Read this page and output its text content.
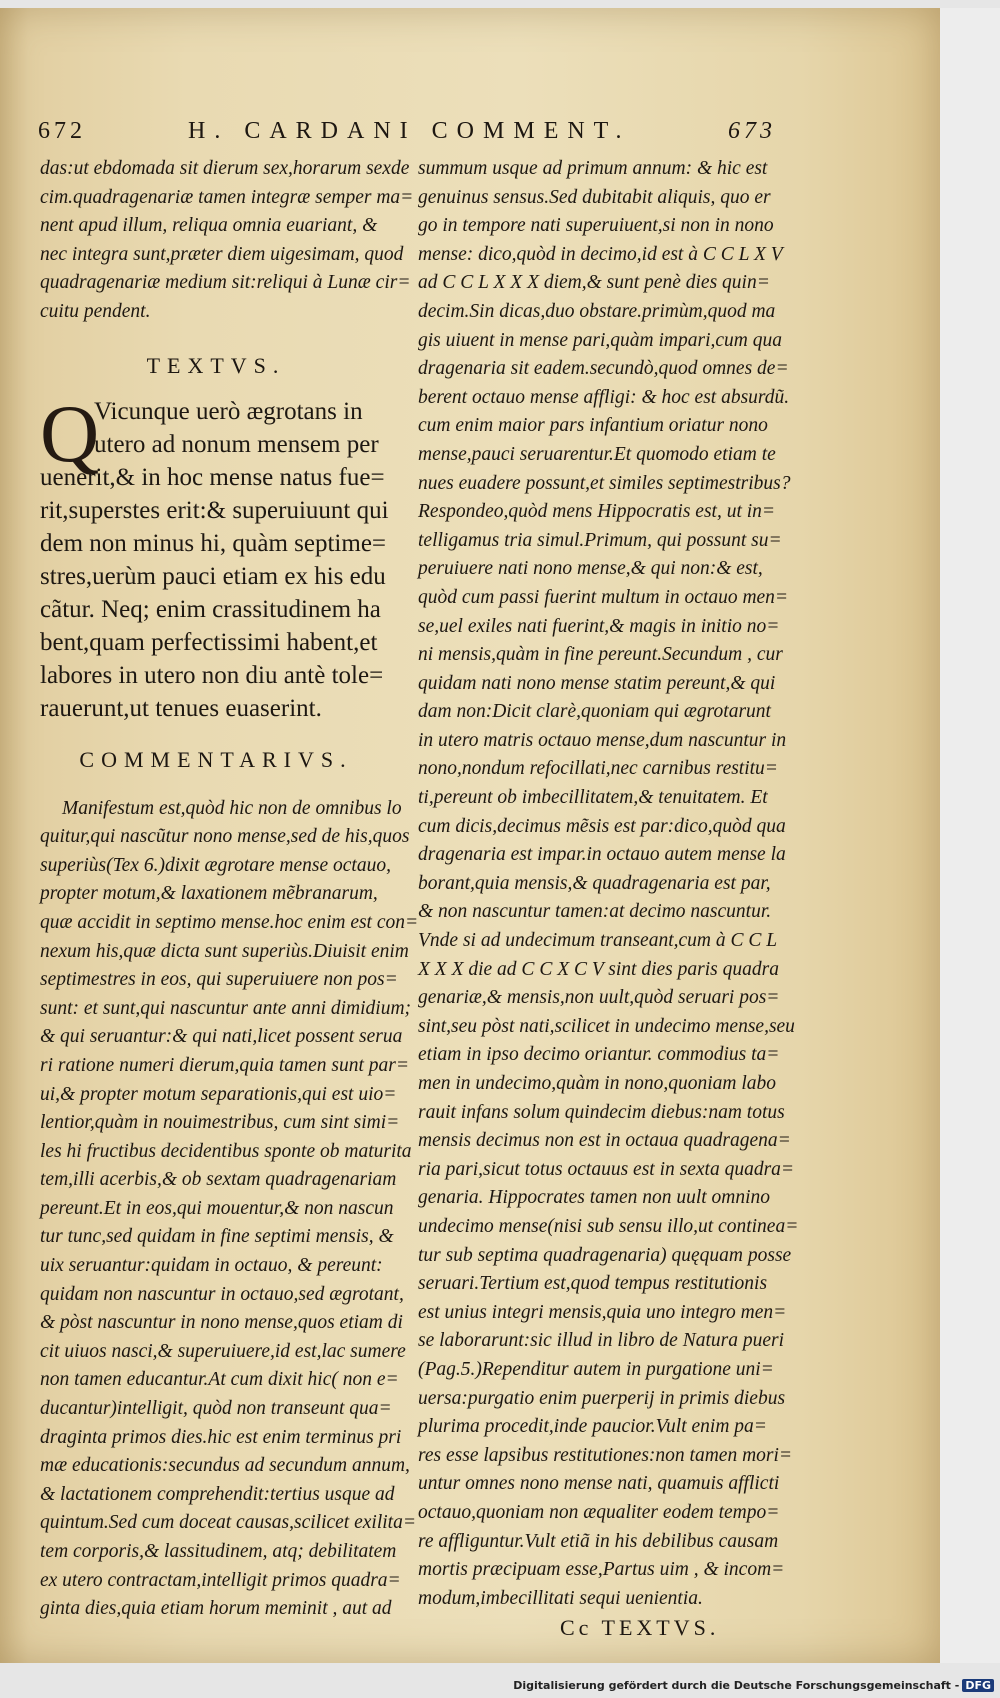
672	H. CARDANI COMMENT.	673
das:ut ebdomada sit dierum sex,horarum sexde
cim.quadragenariæ tamen integræ semper ma=
nent apud illum, reliqua omnia euariant, &
nec integra sunt,præter diem uigesimam, quod
quadragenariæ medium sit:reliqui à Lunæ cir=
cuitu pendent.
TEXTVS.
Q
Vicunque uerò ægrotans in
utero ad nonum mensem per
uenerit,& in hoc mense natus fue=
rit,superstes erit:& superuiuunt qui
dem non minus hi, quàm septime=
stres,uerùm pauci etiam ex his edu
cãtur. Neq; enim crassitudinem ha
bent,quam perfectissimi habent,et
labores in utero non diu antè tole=
rauerunt,ut tenues euaserint.
COMMENTARIVS.
Manifestum est,quòd hic non de omnibus lo
quitur,qui nascũtur nono mense,sed de his,quos
superiùs(Tex 6.)dixit ægrotare mense octauo,
propter motum,& laxationem mẽbranarum,
quæ accidit in septimo mense.hoc enim est con=
nexum his,quæ dicta sunt superiùs.Diuisit enim
septimestres in eos, qui superuiuere non pos=
sunt: et sunt,qui nascuntur ante anni dimidium;
& qui seruantur:& qui nati,licet possent serua
ri ratione numeri dierum,quia tamen sunt par=
ui,& propter motum separationis,qui est uio=
lentior,quàm in nouimestribus, cum sint simi=
les hi fructibus decidentibus sponte ob maturita
tem,illi acerbis,& ob sextam quadragenariam
pereunt.Et in eos,qui mouentur,& non nascun
tur tunc,sed quidam in fine septimi mensis, &
uix seruantur:quidam in octauo, & pereunt:
quidam non nascuntur in octauo,sed ægrotant,
& pòst nascuntur in nono mense,quos etiam di
cit uiuos nasci,& superuiuere,id est,lac sumere
non tamen educantur.At cum dixit hic( non e=
ducantur)intelligit, quòd non transeunt qua=
draginta primos dies.hic est enim terminus pri
mæ educationis:secundus ad secundum annum,
& lactationem comprehendit:tertius usque ad
quintum.Sed cum doceat causas,scilicet exilita=
tem corporis,& lassitudinem, atq; debilitatem
ex utero contractam,intelligit primos quadra=
ginta dies,quia etiam horum meminit , aut ad
summum usque ad primum annum: & hic est
genuinus sensus.Sed dubitabit aliquis, quo er
go in tempore nati superuiuent,si non in nono
mense: dico,quòd in decimo,id est à C C L X V
ad C C L X X X diem,& sunt penè dies quin=
decim.Sin dicas,duo obstare.primùm,quod ma
gis uiuent in mense pari,quàm impari,cum qua
dragenaria sit eadem.secundò,quod omnes de=
berent octauo mense affligi: & hoc est absurdũ.
cum enim maior pars infantium oriatur nono
mense,pauci seruarentur.Et quomodo etiam te
nues euadere possunt,et similes septimestribus?
Respondeo,quòd mens Hippocratis est, ut in=
telligamus tria simul.Primum, qui possunt su=
peruiuere nati nono mense,& qui non:& est,
quòd cum passi fuerint multum in octauo men=
se,uel exiles nati fuerint,& magis in initio no=
ni mensis,quàm in fine pereunt.Secundum , cur
quidam nati nono mense statim pereunt,& qui
dam non:Dicit clarè,quoniam qui ægrotarunt
in utero matris octauo mense,dum nascuntur in
nono,nondum refocillati,nec carnibus restitu=
ti,pereunt ob imbecillitatem,& tenuitatem. Et
cum dicis,decimus mẽsis est par:dico,quòd qua
dragenaria est impar.in octauo autem mense la
borant,quia mensis,& quadragenaria est par,
& non nascuntur tamen:at decimo nascuntur.
Vnde si ad undecimum transeant,cum à C C L
X X X die ad C C X C V sint dies paris quadra
genariæ,& mensis,non uult,quòd seruari pos=
sint,seu pòst nati,scilicet in undecimo mense,seu
etiam in ipso decimo oriantur. commodius ta=
men in undecimo,quàm in nono,quoniam labo
rauit infans solum quindecim diebus:nam totus
mensis decimus non est in octaua quadragena=
ria pari,sicut totus octauus est in sexta quadra=
genaria. Hippocrates tamen non uult omnino
undecimo mense(nisi sub sensu illo,ut continea=
tur sub septima quadragenaria) quęquam posse
seruari.Tertium est,quod tempus restitutionis
est unius integri mensis,quia uno integro men=
se laborarunt:sic illud in libro de Natura pueri
(Pag.5.)Rependitur autem in purgatione uni=
uersa:purgatio enim puerperij in primis diebus
plurima procedit,inde paucior.Vult enim pa=
res esse lapsibus restitutiones:non tamen mori=
untur omnes nono mense nati, quamuis afflicti
octauo,quoniam non æqualiter eodem tempo=
re affliguntur.Vult etiã in his debilibus causam
mortis præcipuam esse,Partus uim , & incom=
modum,imbecillitati sequi uenientia.
Cc TEXTVS.
Digitalisierung gefördert durch die Deutsche Forschungsgemeinschaft - DFG
